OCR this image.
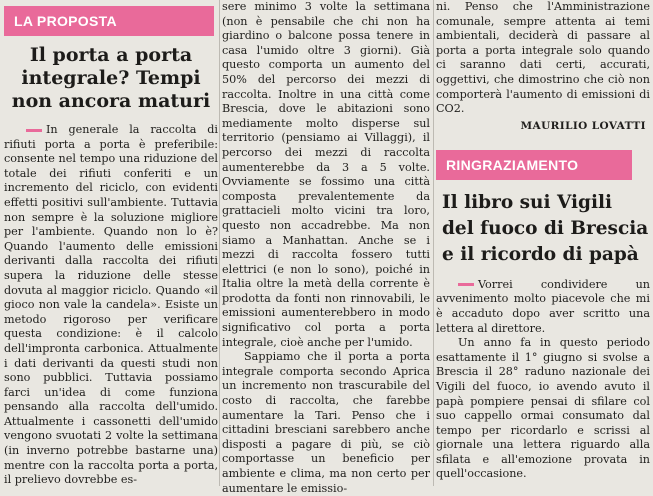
LA PROPOSTA
Il porta a porta integrale? Tempi non ancora maturi

In generale la raccolta di rifiuti porta a porta è preferibile: consente nel tempo una riduzione del totale dei rifiuti conferiti e un incremento del riciclo, con evidenti effetti positivi sull'ambiente. Tuttavia non sempre è la soluzione migliore per l'ambiente. Quando non lo è? Quando l'aumento delle emissioni derivanti dalla raccolta dei rifiuti supera la riduzione delle stesse dovuta al maggior riciclo. Quando «il gioco non vale la candela». Esiste un metodo rigoroso per verificare questa condizione: è il calcolo dell'impronta carbonica. Attualmente i dati derivanti da questi studi non sono pubblici. Tuttavia possiamo farci un'idea di come funziona pensando alla raccolta dell'umido. Attualmente i cassonetti dell'umido vengono svuotati 2 volte la settimana (in inverno potrebbe bastarne una) mentre con la raccolta porta a porta, il prelievo dovrebbe es-

sere minimo 3 volte la settimana (non è pensabile che chi non ha giardino o balcone possa tenere in casa l'umido oltre 3 giorni). Già questo comporta un aumento del 50% del percorso dei mezzi di raccolta. Inoltre in una città come Brescia, dove le abitazioni sono mediamente molto disperse sul territorio (pensiamo ai Villaggi), il percorso dei mezzi di raccolta aumenterebbe da 3 a 5 volte. Ovviamente se fossimo una città composta prevalentemente da grattacieli molto vicini tra loro, questo non accadrebbe. Ma non siamo a Manhattan. Anche se i mezzi di raccolta fossero tutti elettrici (e non lo sono), poiché in Italia oltre la metà della corrente è prodotta da fonti non rinnovabili, le emissioni aumenterebbero in modo significativo col porta a porta integrale, cioè anche per l'umido.

Sappiamo che il porta a porta integrale comporta secondo Aprica un incremento non trascurabile del costo di raccolta, che farebbe aumentare la Tari. Penso che i cittadini bresciani sarebbero anche disposti a pagare di più, se ciò comportasse un beneficio per ambiente e clima, ma non certo per aumentare le emissio-

ni. Penso che l'Amministrazione comunale, sempre attenta ai temi ambientali, deciderà di passare al porta a porta integrale solo quando ci saranno dati certi, accurati, oggettivi, che dimostrino che ciò non comporterà l'aumento di emissioni di CO2.

MAURILIO LOVATTI
RINGRAZIAMENTO
Il libro sui Vigili del fuoco di Brescia e il ricordo di papà

Vorrei condividere un avvenimento molto piacevole che mi è accaduto dopo aver scritto una lettera al direttore.

Un anno fa in questo periodo esattamente il 1° giugno si svolse a Brescia il 28° raduno nazionale dei Vigili del fuoco, io avendo avuto il papà pompiere pensai di sfilare col suo cappello ormai consumato dal tempo per ricordarlo e scrissi al giornale una lettera riguardo alla sfilata e all'emozione provata in quell'occasione.
